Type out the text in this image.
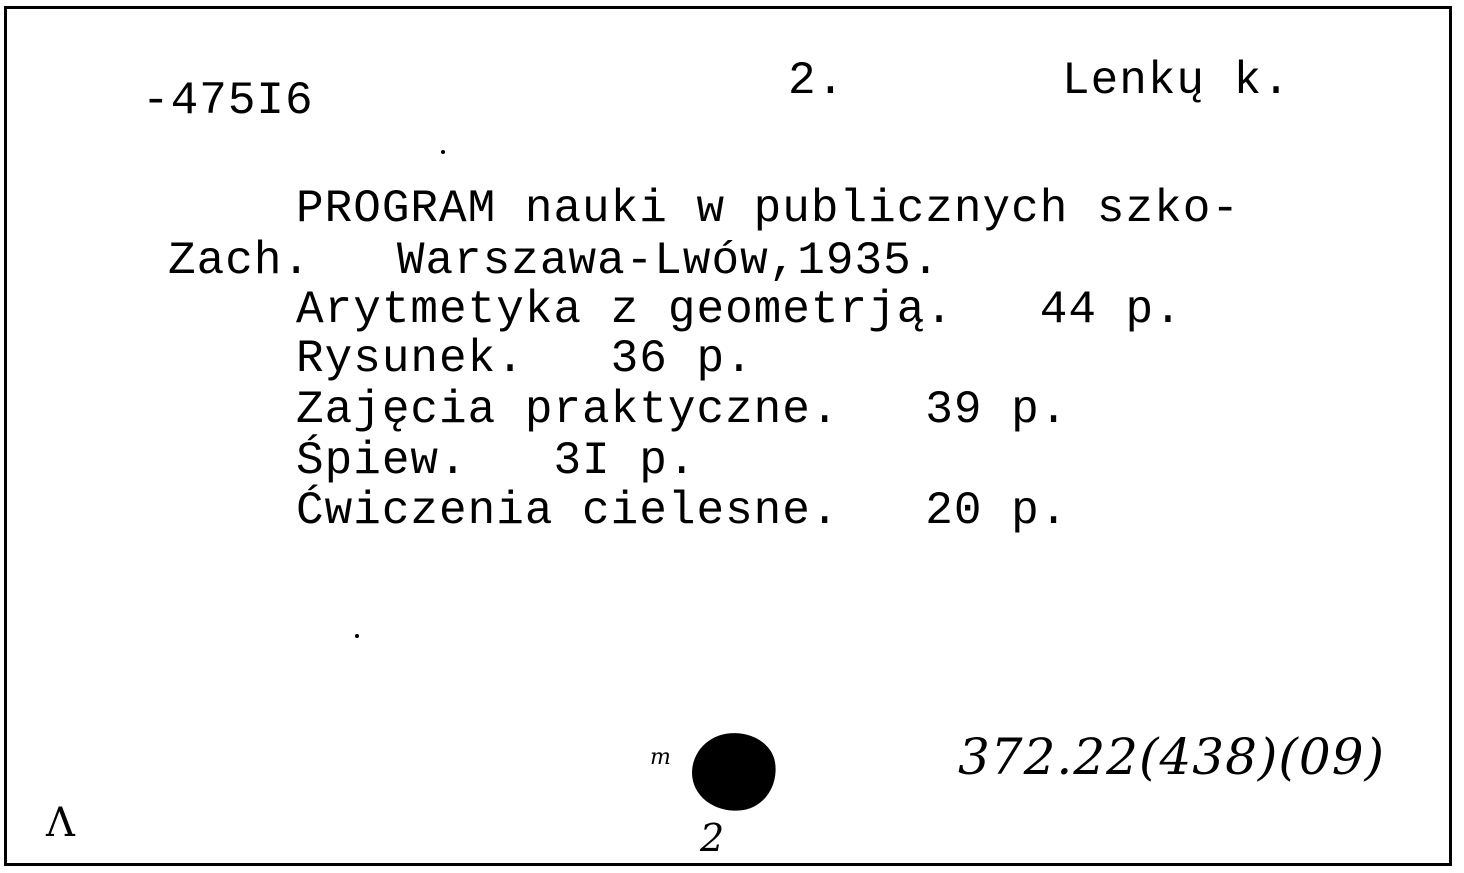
-475I6	2.	Lenkų k.
PROGRAM nauki w publicznych szko-
Zach.   Warszawa-Lwów,1935.
Arytmetyka z geometrją.   44 p.
Rysunek.   36 p.
Zajęcia praktyczne.   39 p.
Śpiew.   3I p.
Ćwiczenia cielesne.   20 p.
m
2
372.22(438)(09)
Λ
